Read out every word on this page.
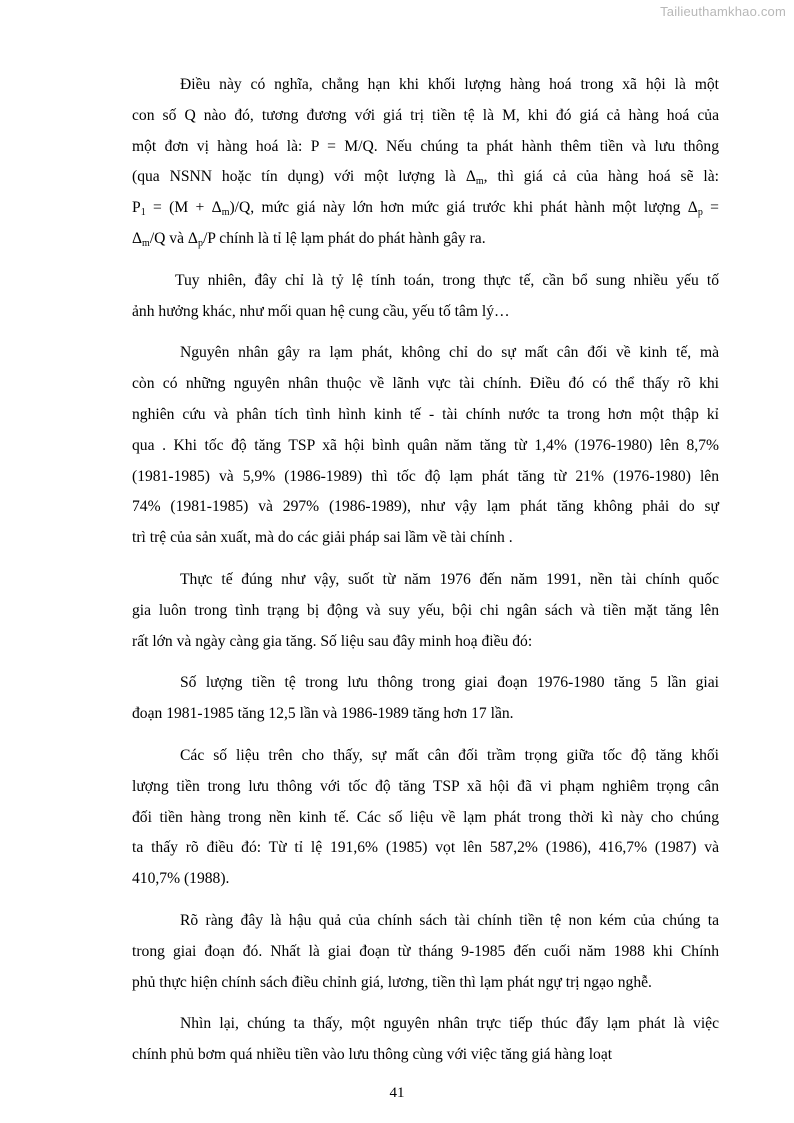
Tailieuthamkhao.com
Điều này có nghĩa, chẳng hạn khi khối lượng hàng hoá trong xã hội là một
con số Q nào đó, tương đương với giá trị tiền tệ là M, khi đó giá cả hàng hoá của
một đơn vị hàng hoá là: P = M/Q. Nếu chúng ta phát hành thêm tiền và lưu thông
(qua NSNN hoặc tín dụng) với một lượng là $\Delta_m$, thì giá cả của hàng hoá sẽ là:
$P_1 = (M + \Delta_m)/Q$, mức giá này lớn hơn mức giá trước khi phát hành một lượng $\Delta_p$ =
$\Delta_m/Q$ và $\Delta_p/P$ chính là tỉ lệ lạm phát do phát hành gây ra.
Tuy nhiên, đây chỉ là tỷ lệ tính toán, trong thực tế, cần bổ sung nhiều yếu tố
ảnh hưởng khác, như mối quan hệ cung cầu, yếu tố tâm lý…
Nguyên nhân gây ra lạm phát, không chỉ do sự mất cân đối về kinh tế, mà
còn có những nguyên nhân thuộc về lãnh vực tài chính. Điều đó có thể thấy rõ khi
nghiên cứu và phân tích tình hình kinh tế - tài chính nước ta trong hơn một thập kỉ
qua . Khi tốc độ tăng TSP xã hội bình quân năm tăng từ 1,4% (1976-1980) lên 8,7%
(1981-1985) và 5,9% (1986-1989) thì tốc độ lạm phát tăng từ 21% (1976-1980) lên
74% (1981-1985) và 297% (1986-1989), như vậy lạm phát tăng không phải do sự
trì trệ của sản xuất, mà do các giải pháp sai lầm về tài chính .
Thực tế đúng như vậy, suốt từ năm 1976 đến năm 1991, nền tài chính quốc
gia luôn trong tình trạng bị động và suy yếu, bội chi ngân sách và tiền mặt tăng lên
rất lớn và ngày càng gia tăng. Số liệu sau đây minh hoạ điều đó:
Số lượng tiền tệ trong lưu thông trong giai đoạn 1976-1980 tăng 5 lần giai
đoạn 1981-1985 tăng 12,5 lần và 1986-1989 tăng hơn 17 lần.
Các số liệu trên cho thấy, sự mất cân đối trầm trọng giữa tốc độ tăng khối
lượng tiền trong lưu thông với tốc độ tăng TSP xã hội đã vi phạm nghiêm trọng cân
đối tiền hàng trong nền kinh tế. Các số liệu về lạm phát trong thời kì này cho chúng
ta thấy rõ điều đó: Từ tỉ lệ 191,6% (1985) vọt lên 587,2% (1986), 416,7% (1987) và
410,7% (1988).
Rõ ràng đây là hậu quả của chính sách tài chính tiền tệ non kém của chúng ta
trong giai đoạn đó. Nhất là giai đoạn từ tháng 9-1985 đến cuối năm 1988 khi Chính
phủ thực hiện chính sách điều chỉnh giá, lương, tiền thì lạm phát ngự trị ngạo nghễ.
Nhìn lại, chúng ta thấy, một nguyên nhân trực tiếp thúc đẩy lạm phát là việc
chính phủ bơm quá nhiều tiền vào lưu thông cùng với việc tăng giá hàng loạt
41
